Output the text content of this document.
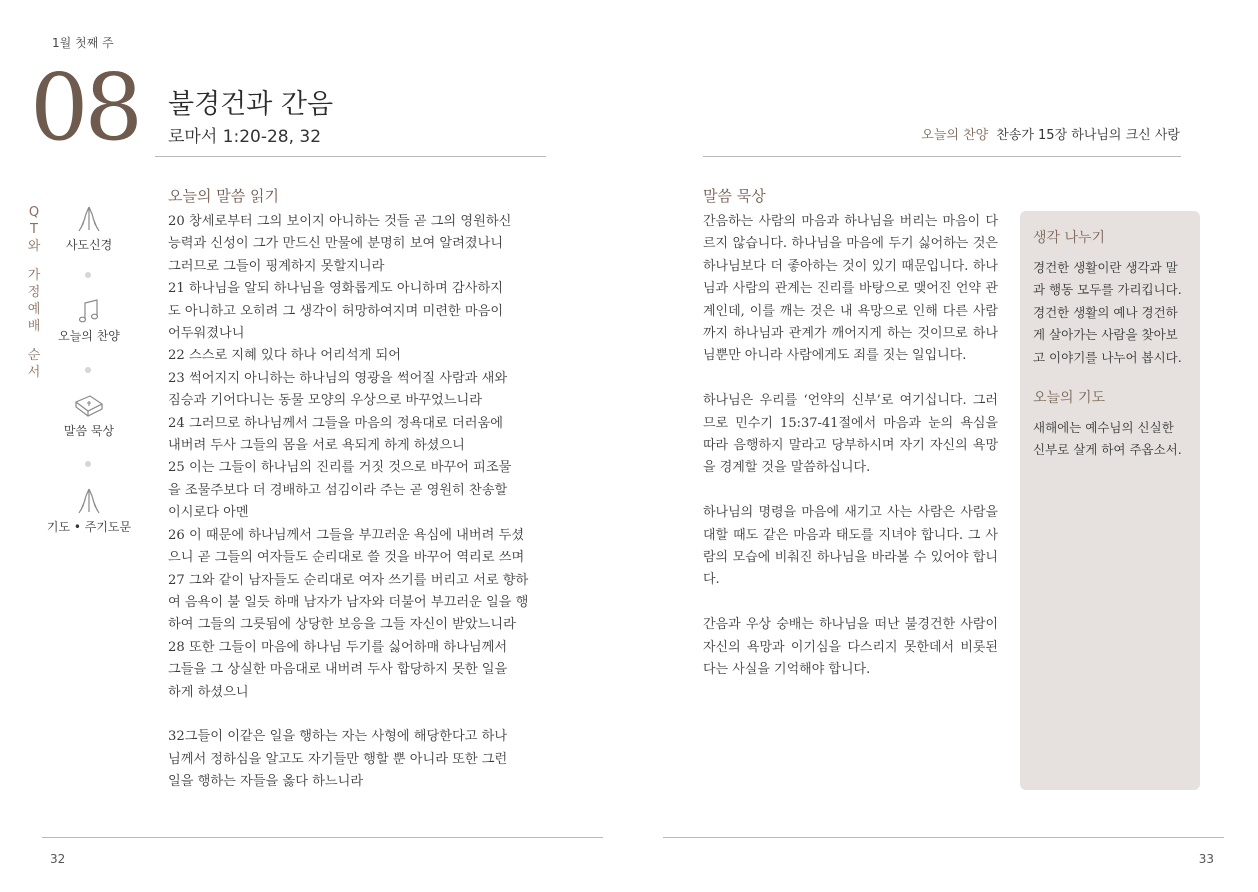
1월 첫째 주
08 불경건과 간음
로마서 1:20-28, 32	오늘의 찬양 찬송가 15장 하나님의 크신 사랑
Q
T
와
가
정
예
배
순
서
사도신경
오늘의 찬양
말씀 묵상
기도 • 주기도문
오늘의 말씀 읽기

20 창세로부터 그의 보이지 아니하는 것들 곧 그의 영원하신

능력과 신성이 그가 만드신 만물에 분명히 보여 알려졌나니

그러므로 그들이 핑계하지 못할지니라

21 하나님을 알되 하나님을 영화롭게도 아니하며 감사하지

도 아니하고 오히려 그 생각이 허망하여지며 미련한 마음이

어두워졌나니

22 스스로 지혜 있다 하나 어리석게 되어

23 썩어지지 아니하는 하나님의 영광을 썩어질 사람과 새와

짐승과 기어다니는 동물 모양의 우상으로 바꾸었느니라

24 그러므로 하나님께서 그들을 마음의 정욕대로 더러움에

내버려 두사 그들의 몸을 서로 욕되게 하게 하셨으니

25 이는 그들이 하나님의 진리를 거짓 것으로 바꾸어 피조물

을 조물주보다 더 경배하고 섬김이라 주는 곧 영원히 찬송할

이시로다 아멘

26 이 때문에 하나님께서 그들을 부끄러운 욕심에 내버려 두셨

으니 곧 그들의 여자들도 순리대로 쓸 것을 바꾸어 역리로 쓰며

27 그와 같이 남자들도 순리대로 여자 쓰기를 버리고 서로 향하

여 음욕이 불 일듯 하매 남자가 남자와 더불어 부끄러운 일을 행

하여 그들의 그릇됨에 상당한 보응을 그들 자신이 받았느니라

28 또한 그들이 마음에 하나님 두기를 싫어하매 하나님께서

그들을 그 상실한 마음대로 내버려 두사 합당하지 못한 일을

하게 하셨으니

32그들이 이같은 일을 행하는 자는 사형에 해당한다고 하나

님께서 정하심을 알고도 자기들만 행할 뿐 아니라 또한 그런

일을 행하는 자들을 옳다 하느니라

말씀 묵상

간음하는 사람의 마음과 하나님을 버리는 마음이 다르지 않습니다. 하나님을 마음에 두기 싫어하는 것은 하나님보다 더 좋아하는 것이 있기 때문입니다. 하나님과 사람의 관계는 진리를 바탕으로 맺어진 언약 관계인데, 이를 깨는 것은 내 욕망으로 인해 다른 사람까지 하나님과 관계가 깨어지게 하는 것이므로 하나님뿐만 아니라 사람에게도 죄를 짓는 일입니다.

하나님은 우리를 ‘언약의 신부’로 여기십니다. 그러므로 민수기 15:37-41절에서 마음과 눈의 욕심을 따라 음행하지 말라고 당부하시며 자기 자신의 욕망을 경계할 것을 말씀하십니다.

하나님의 명령을 마음에 새기고 사는 사람은 사람을 대할 때도 같은 마음과 태도를 지녀야 합니다. 그 사람의 모습에 비춰진 하나님을 바라볼 수 있어야 합니다.

간음과 우상 숭배는 하나님을 떠난 불경건한 사람이 자신의 욕망과 이기심을 다스리지 못한데서 비롯된다는 사실을 기억해야 합니다.

생각 나누기

경건한 생활이란 생각과 말과 행동 모두를 가리킵니다. 경건한 생활의 예나 경건하게 살아가는 사람을 찾아보고 이야기를 나누어 봅시다.

오늘의 기도

새해에는 예수님의 신실한 신부로 살게 하여 주옵소서.

32	33
